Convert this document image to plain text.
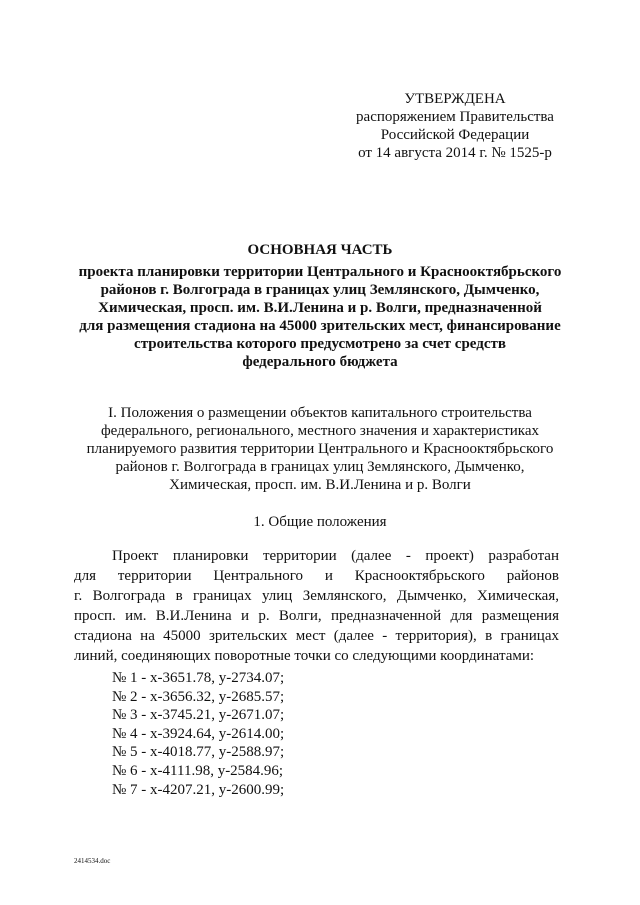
УТВЕРЖДЕНА
распоряжением Правительства
Российской Федерации
от 14 августа 2014 г. № 1525-р
ОСНОВНАЯ ЧАСТЬ
проекта планировки территории Центрального и Краснооктябрьского
районов г. Волгограда в границах улиц Землянского, Дымченко,
Химическая, просп. им. В.И.Ленина и р. Волги, предназначенной
для размещения стадиона на 45000 зрительских мест, финансирование
строительства которого предусмотрено за счет средств
федерального бюджета
I. Положения о размещении объектов капитального строительства
федерального, регионального, местного значения и характеристиках
планируемого развития территории Центрального и Краснооктябрьского
районов г. Волгограда в границах улиц Землянского, Дымченко,
Химическая, просп. им. В.И.Ленина и р. Волги
1. Общие положения
Проект планировки территории (далее - проект) разработан
для территории Центрального и Краснооктябрьского районов
г. Волгограда в границах улиц Землянского, Дымченко, Химическая,
просп. им. В.И.Ленина и р. Волги, предназначенной для размещения
стадиона на 45000 зрительских мест (далее - территория), в границах
линий, соединяющих поворотные точки со следующими координатами:
№ 1 - х-3651.78, у-2734.07;
№ 2 - х-3656.32, у-2685.57;
№ 3 - х-3745.21, у-2671.07;
№ 4 - х-3924.64, у-2614.00;
№ 5 - х-4018.77, у-2588.97;
№ 6 - х-4111.98, у-2584.96;
№ 7 - х-4207.21, у-2600.99;
2414534.doc
